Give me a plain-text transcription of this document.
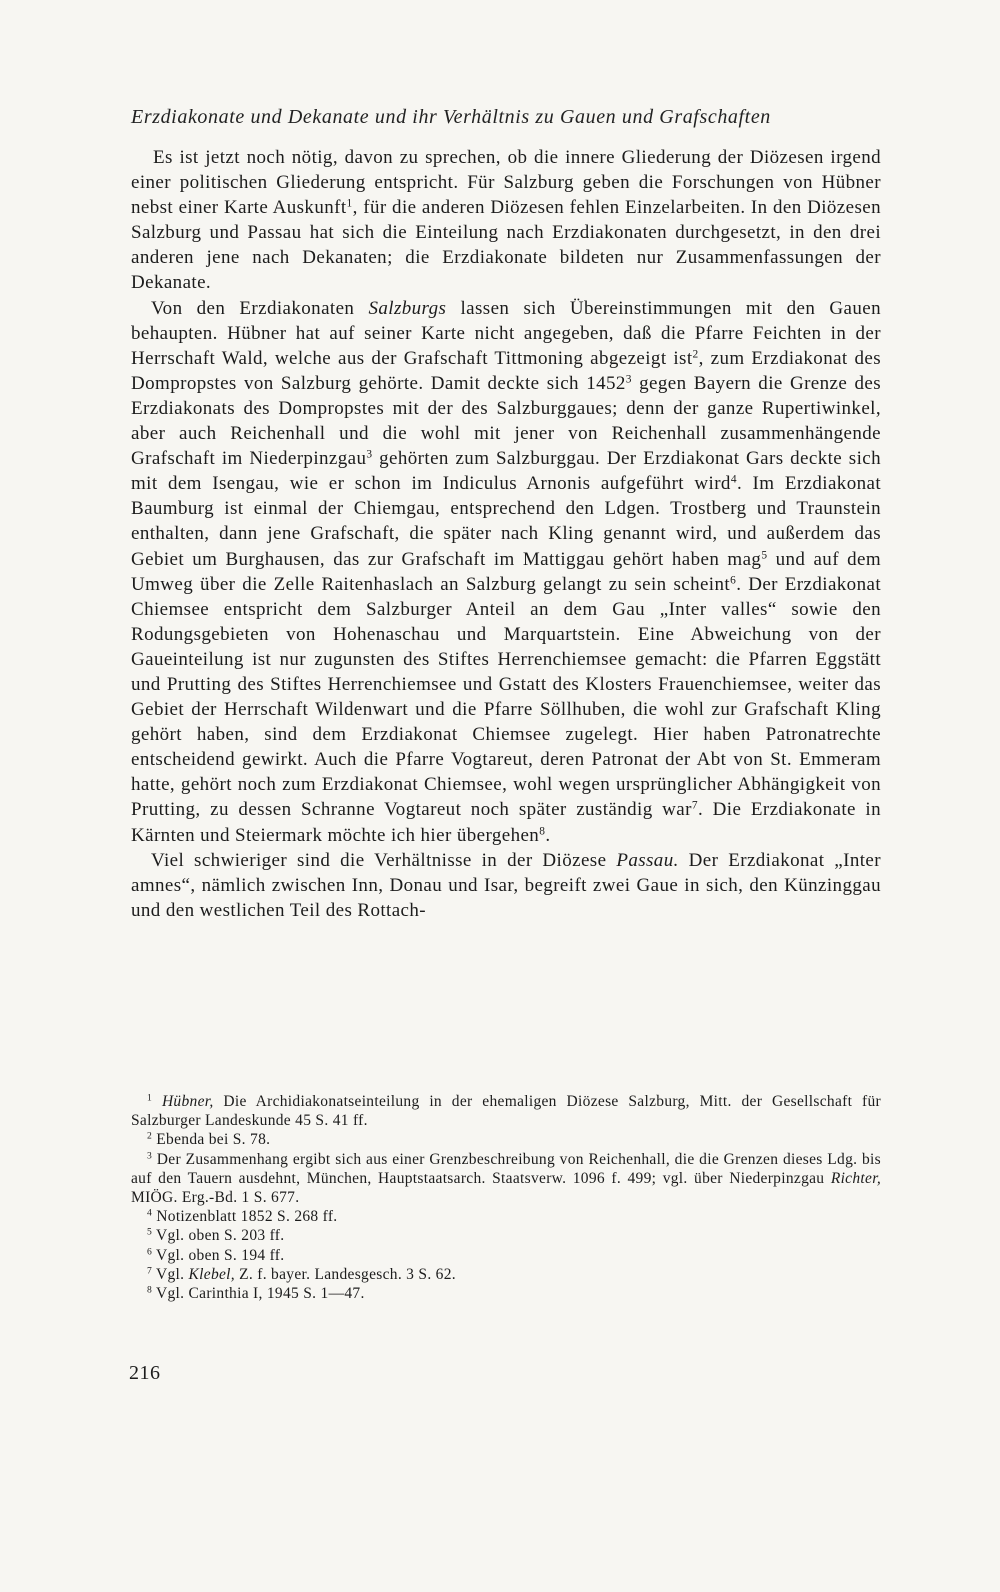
Erzdiakonate und Dekanate und ihr Verhältnis zu Gauen und Grafschaften

Es ist jetzt noch nötig, davon zu sprechen, ob die innere Gliederung der Diözesen irgend einer politischen Gliederung entspricht. Für Salzburg geben die Forschungen von Hübner nebst einer Karte Auskunft$^1$, für die anderen Diözesen fehlen Einzelarbeiten. In den Diözesen Salzburg und Passau hat sich die Einteilung nach Erzdiakonaten durchgesetzt, in den drei anderen jene nach Dekanaten; die Erzdiakonate bildeten nur Zusammenfassungen der Dekanate.

Von den Erzdiakonaten Salzburgs lassen sich Übereinstimmungen mit den Gauen behaupten. Hübner hat auf seiner Karte nicht angegeben, daß die Pfarre Feichten in der Herrschaft Wald, welche aus der Grafschaft Tittmoning abgezeigt ist$^2$, zum Erzdiakonat des Dompropstes von Salzburg gehörte. Damit deckte sich 1452$^3$ gegen Bayern die Grenze des Erzdiakonats des Dompropstes mit der des Salzburggaues; denn der ganze Rupertiwinkel, aber auch Reichenhall und die wohl mit jener von Reichenhall zusammenhängende Grafschaft im Niederpinzgau$^3$ gehörten zum Salzburggau. Der Erzdiakonat Gars deckte sich mit dem Isengau, wie er schon im Indiculus Arnonis aufgeführt wird$^4$. Im Erzdiakonat Baumburg ist einmal der Chiemgau, entsprechend den Ldgen. Trostberg und Traunstein enthalten, dann jene Grafschaft, die später nach Kling genannt wird, und außerdem das Gebiet um Burghausen, das zur Grafschaft im Mattiggau gehört haben mag$^5$ und auf dem Umweg über die Zelle Raitenhaslach an Salzburg gelangt zu sein scheint$^6$. Der Erzdiakonat Chiemsee entspricht dem Salzburger Anteil an dem Gau „Inter valles“ sowie den Rodungsgebieten von Hohenaschau und Marquartstein. Eine Abweichung von der Gaueinteilung ist nur zugunsten des Stiftes Herrenchiemsee gemacht: die Pfarren Eggstätt und Prutting des Stiftes Herrenchiemsee und Gstatt des Klosters Frauenchiemsee, weiter das Gebiet der Herrschaft Wildenwart und die Pfarre Söllhuben, die wohl zur Grafschaft Kling gehört haben, sind dem Erzdiakonat Chiemsee zugelegt. Hier haben Patronatrechte entscheidend gewirkt. Auch die Pfarre Vogtareut, deren Patronat der Abt von St. Emmeram hatte, gehört noch zum Erzdiakonat Chiemsee, wohl wegen ursprünglicher Abhängigkeit von Prutting, zu dessen Schranne Vogtareut noch später zuständig war$^7$. Die Erzdiakonate in Kärnten und Steiermark möchte ich hier übergehen$^8$.

Viel schwieriger sind die Verhältnisse in der Diözese Passau. Der Erzdiakonat „Inter amnes“, nämlich zwischen Inn, Donau und Isar, begreift zwei Gaue in sich, den Künzinggau und den westlichen Teil des Rottach-

$^1$ Hübner, Die Archidiakonatseinteilung in der ehemaligen Diözese Salzburg, Mitt. der Gesellschaft für Salzburger Landeskunde 45 S. 41 ff.

$^2$ Ebenda bei S. 78.

$^3$ Der Zusammenhang ergibt sich aus einer Grenzbeschreibung von Reichenhall, die die Grenzen dieses Ldg. bis auf den Tauern ausdehnt, München, Hauptstaatsarch. Staatsverw. 1096 f. 499; vgl. über Niederpinzgau Richter, MIÖG. Erg.-Bd. 1 S. 677.

$^4$ Notizenblatt 1852 S. 268 ff.

$^5$ Vgl. oben S. 203 ff.

$^6$ Vgl. oben S. 194 ff.

$^7$ Vgl. Klebel, Z. f. bayer. Landesgesch. 3 S. 62.

$^8$ Vgl. Carinthia I, 1945 S. 1—47.

216
